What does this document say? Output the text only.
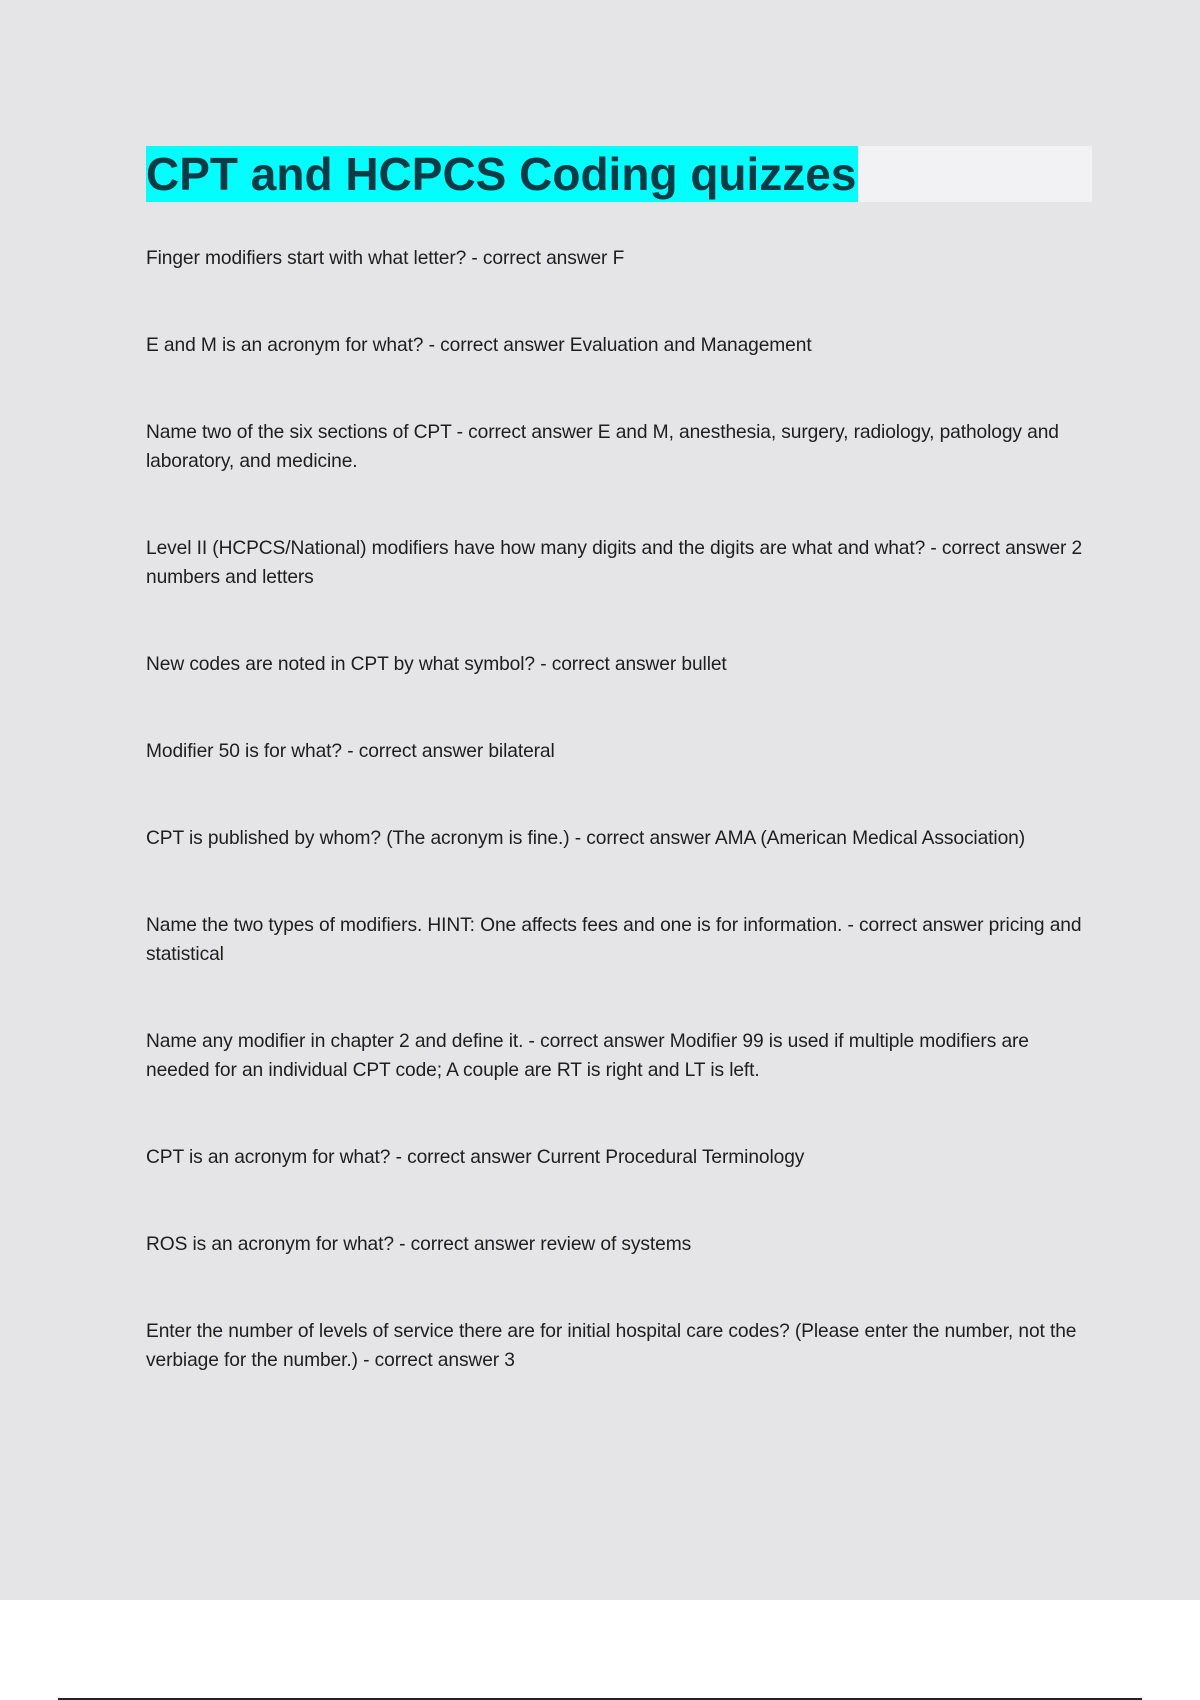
CPT and HCPCS Coding quizzes

Finger modifiers start with what letter? - correct answer F

E and M is an acronym for what? - correct answer Evaluation and Management

Name two of the six sections of CPT - correct answer E and M, anesthesia, surgery, radiology, pathology and laboratory, and medicine.

Level II (HCPCS/National) modifiers have how many digits and the digits are what and what? - correct answer 2 numbers and letters

New codes are noted in CPT by what symbol? - correct answer bullet

Modifier 50 is for what? - correct answer bilateral

CPT is published by whom? (The acronym is fine.) - correct answer AMA (American Medical Association)

Name the two types of modifiers. HINT: One affects fees and one is for information. - correct answer pricing and statistical

Name any modifier in chapter 2 and define it. - correct answer Modifier 99 is used if multiple modifiers are needed for an individual CPT code; A couple are RT is right and LT is left.

CPT is an acronym for what? - correct answer Current Procedural Terminology

ROS is an acronym for what? - correct answer review of systems

Enter the number of levels of service there are for initial hospital care codes? (Please enter the number, not the verbiage for the number.) - correct answer 3
